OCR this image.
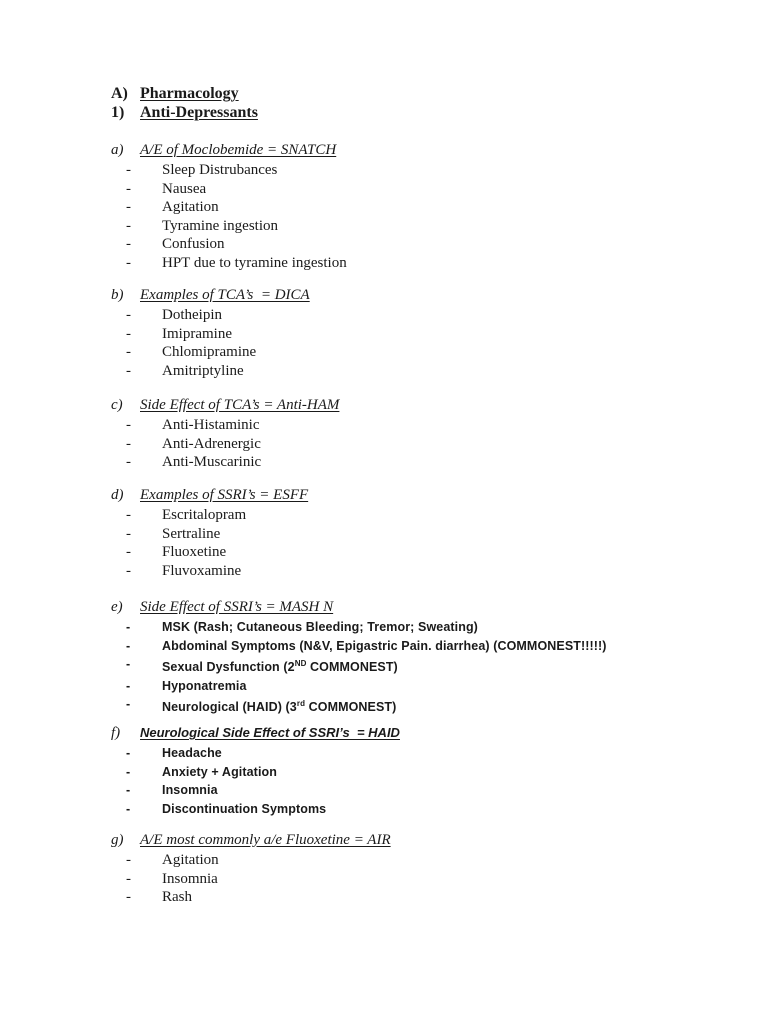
A) Pharmacology
1) Anti-Depressants
a)	A/E of Moclobemide = SNATCH
-	Sleep Distrubances
-	Nausea
-	Agitation
-	Tyramine ingestion
-	Confusion
-	HPT due to tyramine ingestion
b)	Examples of TCA’s  = DICA
-	Dotheipin
-	Imipramine
-	Chlomipramine
-	Amitriptyline
c)	Side Effect of TCA’s = Anti-HAM
-	Anti-Histaminic
-	Anti-Adrenergic
-	Anti-Muscarinic
d)	Examples of SSRI’s = ESFF
-	Escritalopram
-	Sertraline
-	Fluoxetine
-	Fluvoxamine
e)	Side Effect of SSRI’s = MASH N
-	MSK (Rash; Cutaneous Bleeding; Tremor; Sweating)
-	Abdominal Symptoms (N&V, Epigastric Pain. diarrhea) (COMMONEST!!!!!)
-	Sexual Dysfunction (2ND COMMONEST)
-	Hyponatremia
-	Neurological (HAID) (3rd COMMONEST)
f)	Neurological Side Effect of SSRI’s  = HAID
-	Headache
-	Anxiety + Agitation
-	Insomnia
-	Discontinuation Symptoms
g)	A/E most commonly a/e Fluoxetine = AIR
-	Agitation
-	Insomnia
-	Rash
